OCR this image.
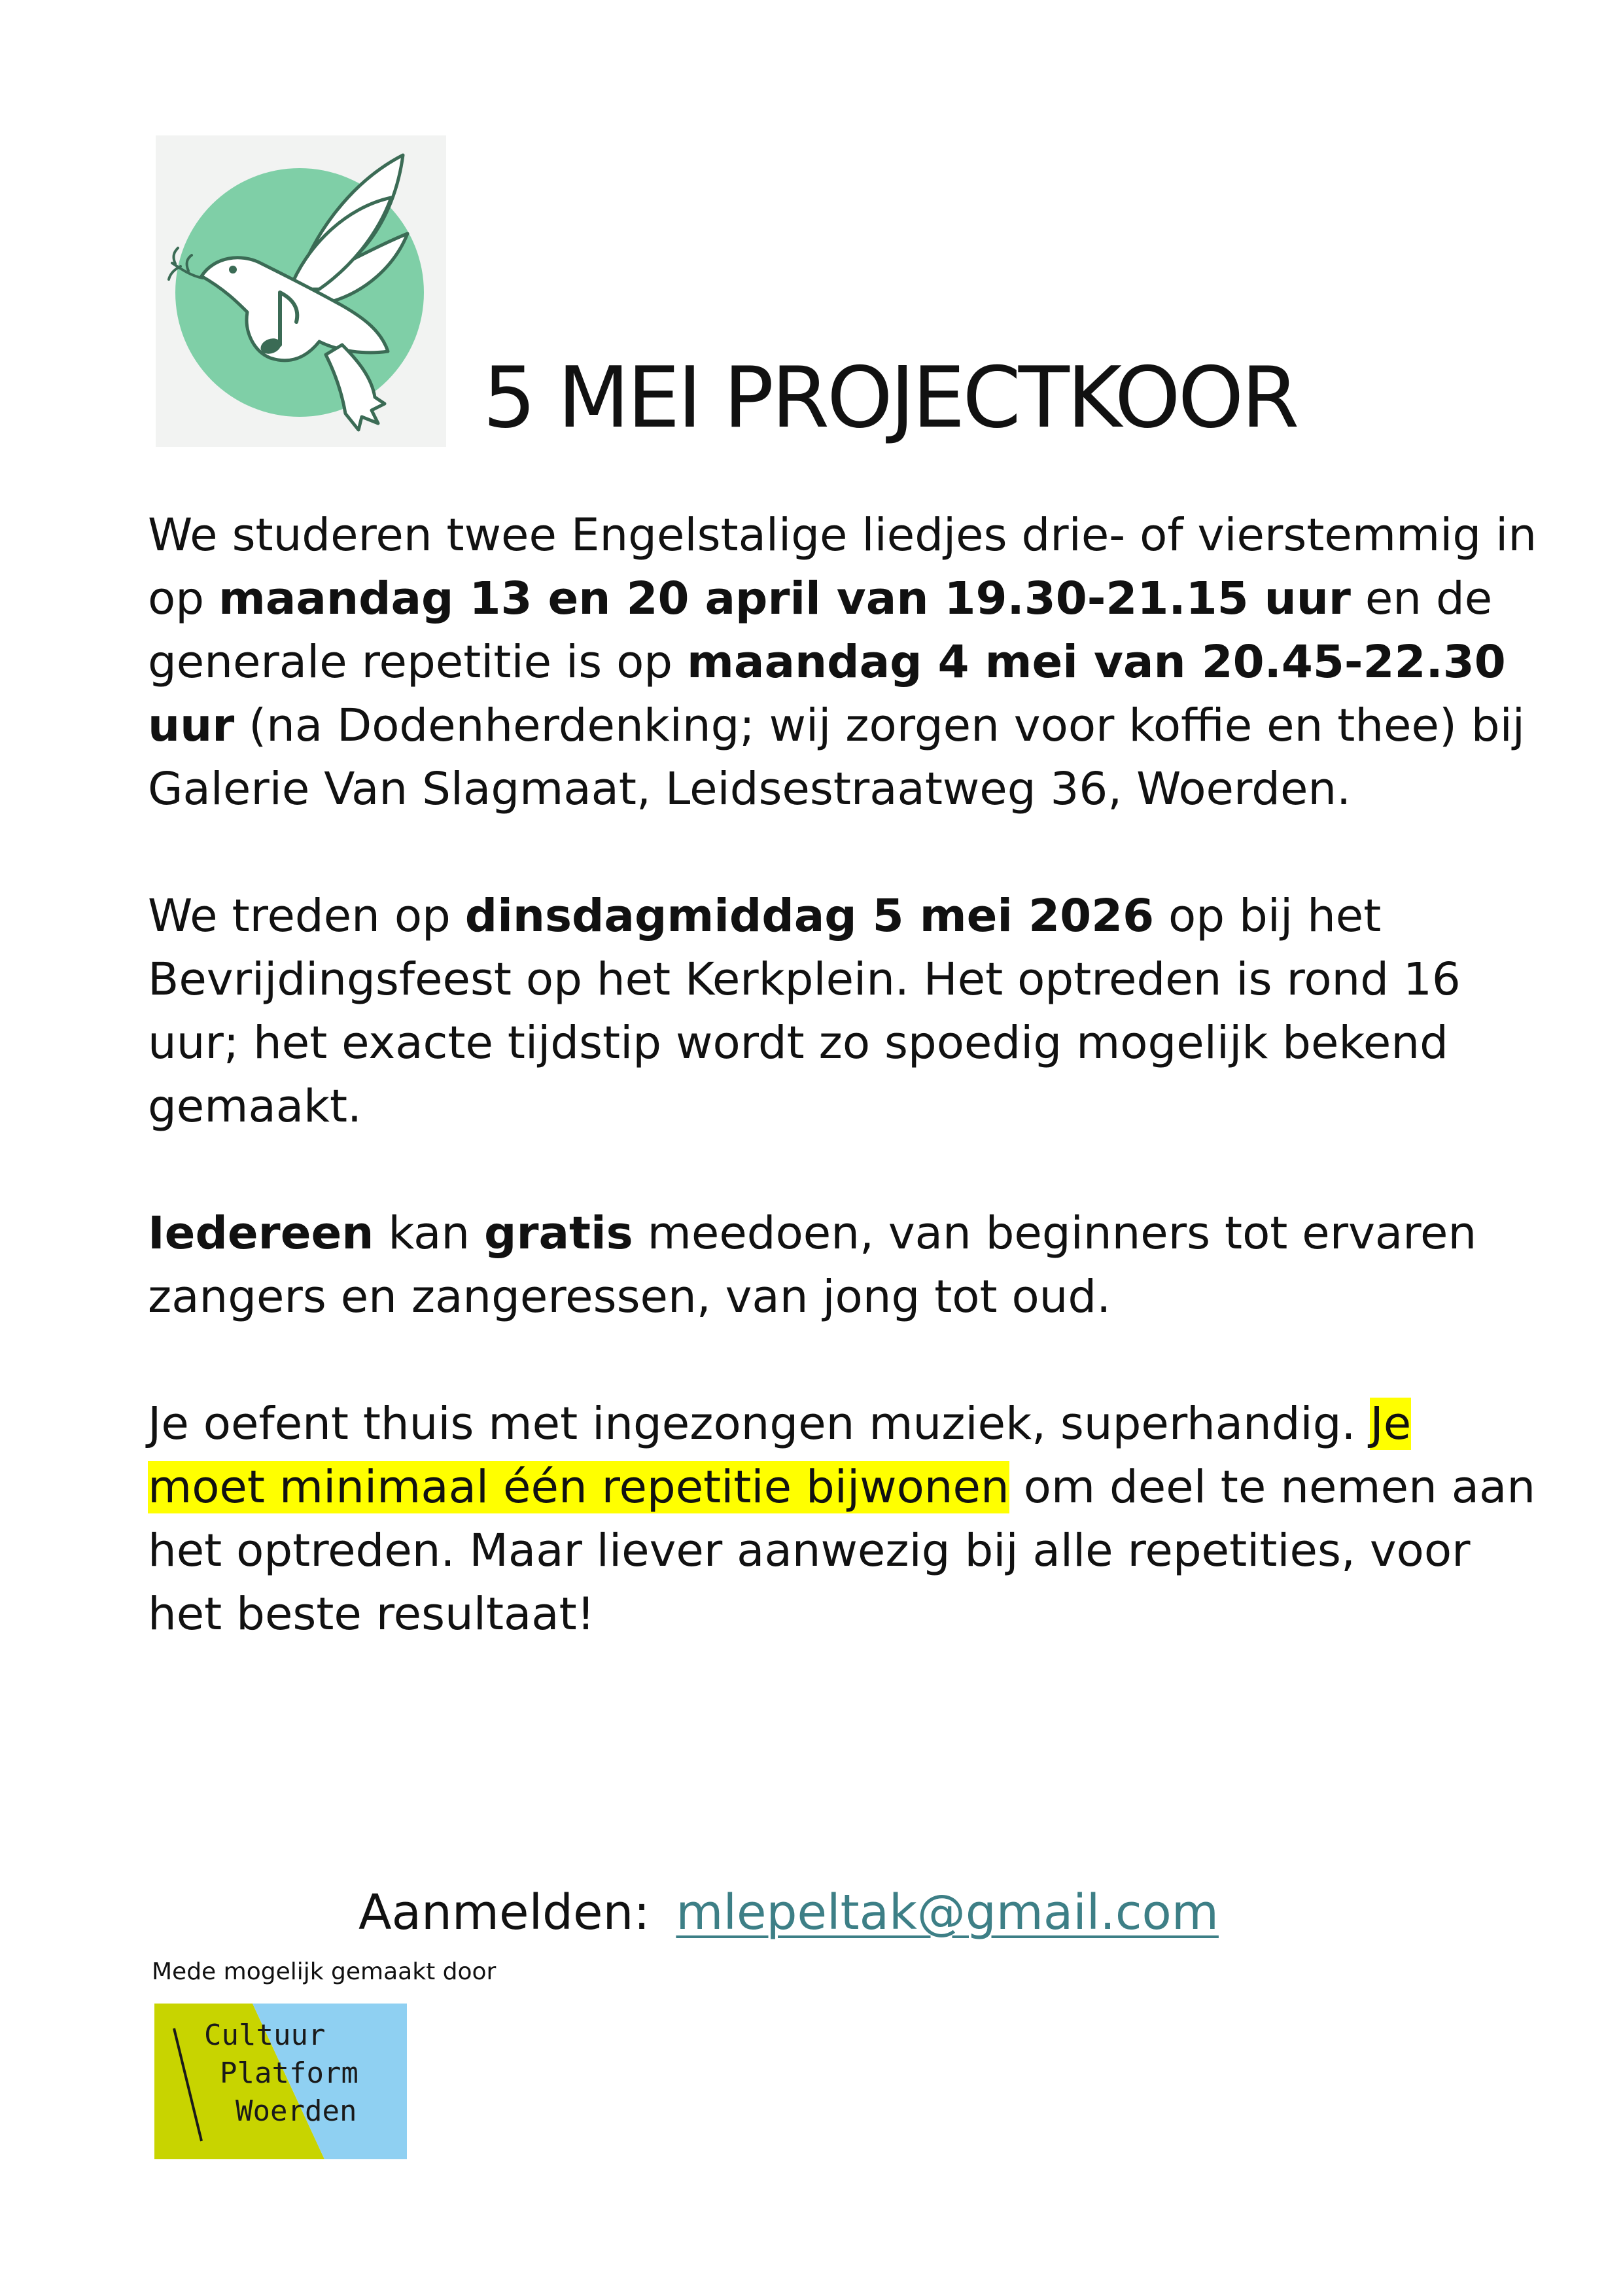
5 MEI PROJECTKOOR

We studeren twee Engelstalige liedjes drie- of vierstemmig in op maandag 13 en 20 april van 19.30-21.15 uur en de generale repetitie is op maandag 4 mei van 20.45-22.30 uur (na Dodenherdenking; wij zorgen voor koffie en thee) bij Galerie Van Slagmaat, Leidsestraatweg 36, Woerden.

We treden op dinsdagmiddag 5 mei 2026 op bij het Bevrijdingsfeest op het Kerkplein. Het optreden is rond 16 uur; het exacte tijdstip wordt zo spoedig mogelijk bekend gemaakt.

Iedereen kan gratis meedoen, van beginners tot ervaren zangers en zangeressen, van jong tot oud.

Je oefent thuis met ingezongen muziek, superhandig. Je moet minimaal één repetitie bijwonen om deel te nemen aan het optreden. Maar liever aanwezig bij alle repetities, voor het beste resultaat!

Aanmelden: mlepeltak@gmail.com
Mede mogelijk gemaakt door
Cultuur
Platform
Woerden
